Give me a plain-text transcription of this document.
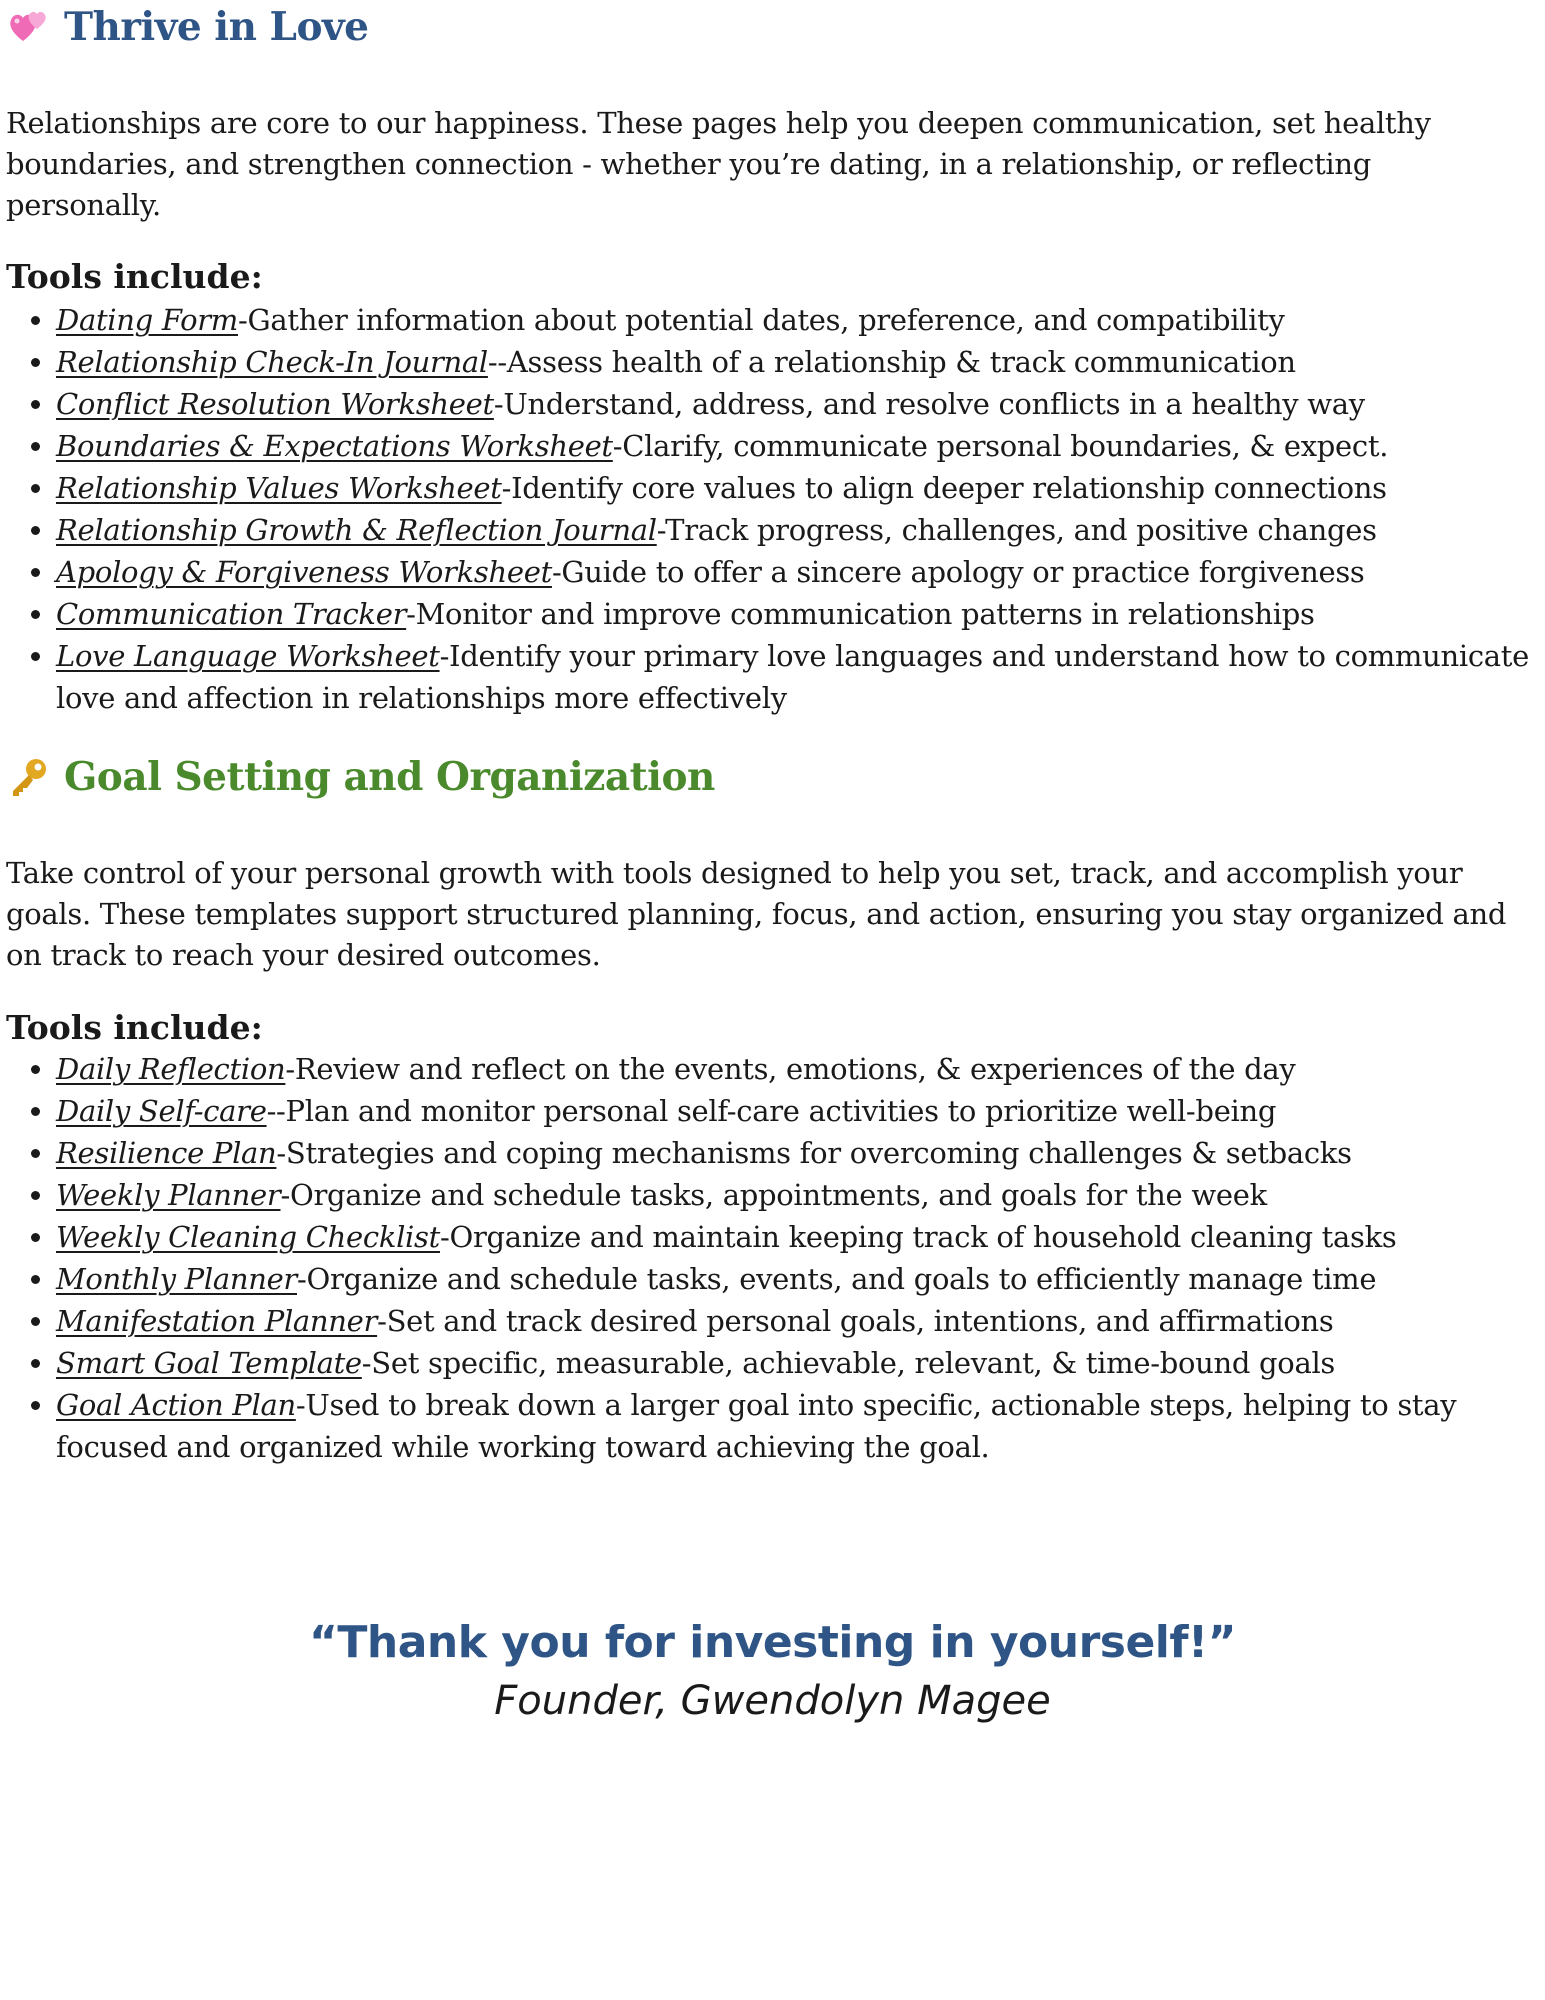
Thrive in Love

Relationships are core to our happiness. These pages help you deepen communication, set healthy boundaries, and strengthen connection - whether you’re dating, in a relationship, or reflecting personally.

Tools include:
Dating Form-Gather information about potential dates, preference, and compatibility
Relationship Check-In Journal--Assess health of a relationship & track communication
Conflict Resolution Worksheet-Understand, address, and resolve conflicts in a healthy way
Boundaries & Expectations Worksheet-Clarify, communicate personal boundaries, & expect.
Relationship Values Worksheet-Identify core values to align deeper relationship connections
Relationship Growth & Reflection Journal-Track progress, challenges, and positive changes
Apology & Forgiveness Worksheet-Guide to offer a sincere apology or practice forgiveness
Communication Tracker-Monitor and improve communication patterns in relationships
Love Language Worksheet-Identify your primary love languages and understand how to communicate love and affection in relationships more effectively
Goal Setting and Organization

Take control of your personal growth with tools designed to help you set, track, and accomplish your goals. These templates support structured planning, focus, and action, ensuring you stay organized and on track to reach your desired outcomes.

Tools include:
Daily Reflection-Review and reflect on the events, emotions, & experiences of the day
Daily Self-care--Plan and monitor personal self-care activities to prioritize well-being
Resilience Plan-Strategies and coping mechanisms for overcoming challenges & setbacks
Weekly Planner-Organize and schedule tasks, appointments, and goals for the week
Weekly Cleaning Checklist-Organize and maintain keeping track of household cleaning tasks
Monthly Planner-Organize and schedule tasks, events, and goals to efficiently manage time
Manifestation Planner-Set and track desired personal goals, intentions, and affirmations
Smart Goal Template-Set specific, measurable, achievable, relevant, & time-bound goals
Goal Action Plan-Used to break down a larger goal into specific, actionable steps, helping to stay focused and organized while working toward achieving the goal.
“Thank you for investing in yourself!”
Founder, Gwendolyn Magee
